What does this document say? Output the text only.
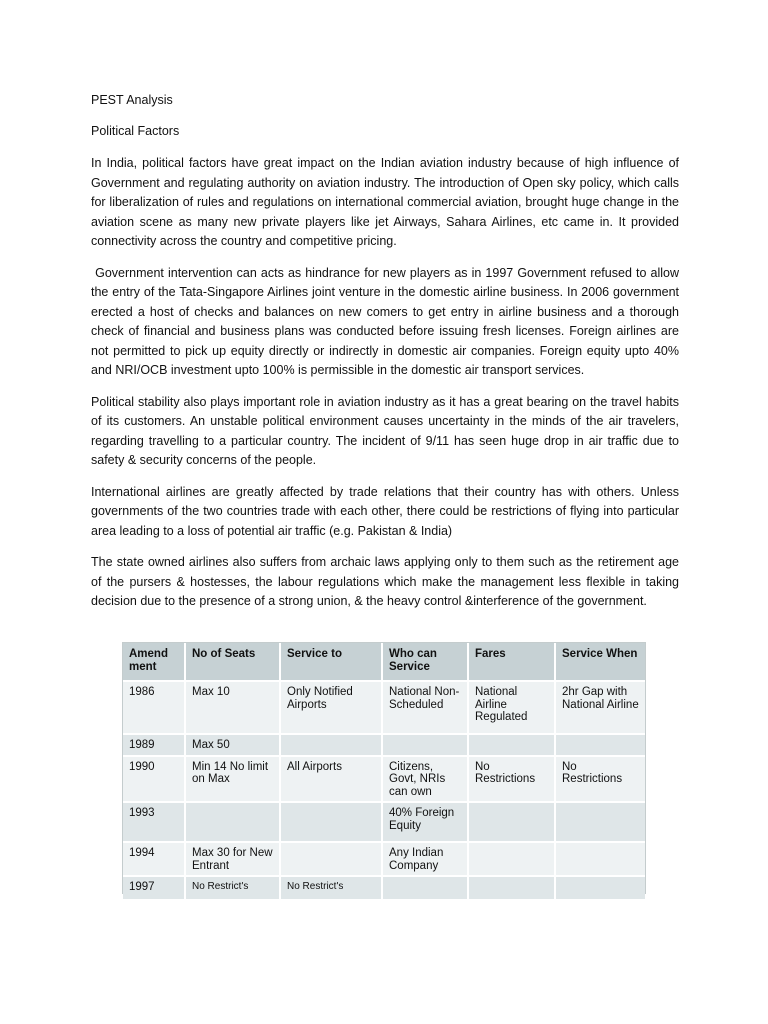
PEST Analysis

Political Factors

In India, political factors have great impact on the Indian aviation industry because of high influence of Government and regulating authority on aviation industry. The introduction of Open sky policy, which calls for liberalization of rules and regulations on international commercial aviation, brought huge change in the aviation scene as many new private players like jet Airways, Sahara Airlines, etc came in. It provided connectivity across the country and competitive pricing.

Government intervention can acts as hindrance for new players as in 1997 Government refused to allow the entry of the Tata-Singapore Airlines joint venture in the domestic airline business. In 2006 government erected a host of checks and balances on new comers to get entry in airline business and a thorough check of financial and business plans was conducted before issuing fresh licenses. Foreign airlines are not permitted to pick up equity directly or indirectly in domestic air companies. Foreign equity upto 40% and NRI/OCB investment upto 100% is permissible in the domestic air transport services.

Political stability also plays important role in aviation industry as it has a great bearing on the travel habits of its customers. An unstable political environment causes uncertainty in the minds of the air travelers, regarding travelling to a particular country. The incident of 9/11 has seen huge drop in air traffic due to safety & security concerns of the people.

International airlines are greatly affected by trade relations that their country has with others. Unless governments of the two countries trade with each other, there could be restrictions of flying into particular area leading to a loss of potential air traffic (e.g. Pakistan & India)

The state owned airlines also suffers from archaic laws applying only to them such as the retirement age of the pursers & hostesses, the labour regulations which make the management less flexible in taking decision due to the presence of a strong union, & the heavy control &interference of the government.

Amend ment	No of Seats	Service to	Who can Service	Fares	Service When
1986	Max 10	Only Notified Airports	National Non-Scheduled	National Airline Regulated	2hr Gap with National Airline
1989	Max 50				
1990	Min 14 No limit on Max	All Airports	Citizens, Govt, NRIs can own	No Restrictions	No Restrictions
1993			40% Foreign Equity		
1994	Max 30 for New Entrant		Any Indian Company		
1997	No Restrict's	No Restrict's			
